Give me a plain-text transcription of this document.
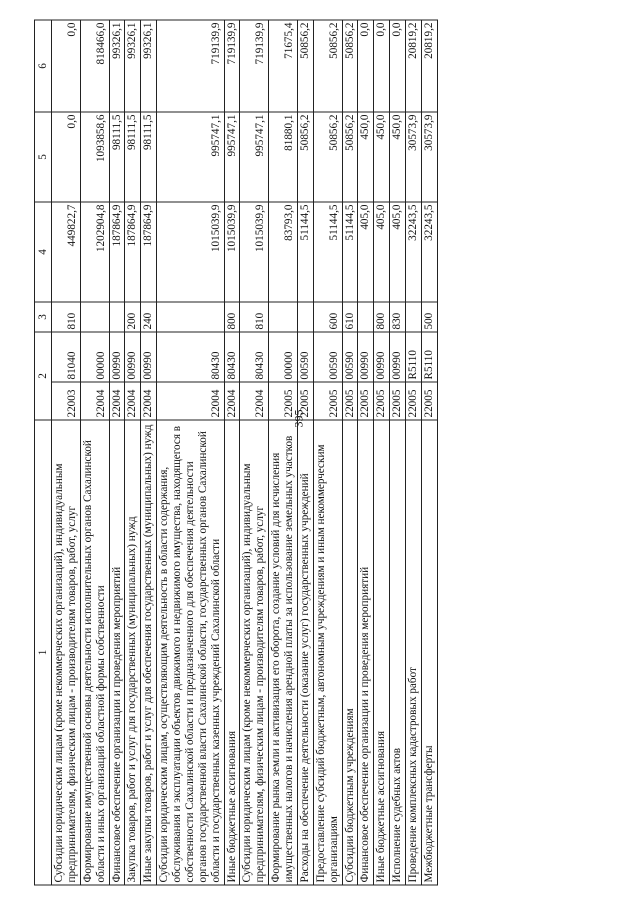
395
1	2		3	4	5	6
Субсидии юридическим лицам (кроме некоммерческих организаций), индивидуальным предпринимателям, физическим лицам - производителям товаров, работ, услуг	22003	81040	810	449822,7	0,0	0,0
Формирование имущественной основы деятельности исполнительных органов Сахалинской области и иных организаций областной формы собственности	22004	00000		1202904,8	1093858,6	818466,0
Финансовое обеспечение организации и проведения мероприятий	22004	00990		187864,9	98111,5	99326,1
Закупка товаров, работ и услуг для государственных (муниципальных) нужд	22004	00990	200	187864,9	98111,5	99326,1
Иные закупки товаров, работ и услуг для обеспечения государственных (муниципальных) нужд	22004	00990	240	187864,9	98111,5	99326,1
Субсидии юридическим лицам, осуществляющим деятельность в области содержания, обслуживания и эксплуатации объектов движимого и недвижимого имущества, находящегося в собственности Сахалинской области и предназначенного для обеспечения деятельности органов государственной власти Сахалинской области, государственных органов Сахалинской области и государственных казенных учреждений Сахалинской области	22004	80430		1015039,9	995747,1	719139,9
Иные бюджетные ассигнования	22004	80430	800	1015039,9	995747,1	719139,9
Субсидии юридическим лицам (кроме некоммерческих организаций), индивидуальным предпринимателям, физическим лицам - производителям товаров, работ, услуг	22004	80430	810	1015039,9	995747,1	719139,9
Формирование рынка земли и активизация его оборота, создание условий для исчисления имущественных налогов и начисления арендной платы за использование земельных участков	22005	00000		83793,0	81880,1	71675,4
Расходы на обеспечение деятельности (оказание услуг) государственных учреждений	22005	00590		51144,5	50856,2	50856,2
Предоставление субсидий бюджетным, автономным учреждениям и иным некоммерческим организациям	22005	00590	600	51144,5	50856,2	50856,2
Субсидии бюджетным учреждениям	22005	00590	610	51144,5	50856,2	50856,2
Финансовое обеспечение организации и проведения мероприятий	22005	00990		405,0	450,0	0,0
Иные бюджетные ассигнования	22005	00990	800	405,0	450,0	0,0
Исполнение судебных актов	22005	00990	830	405,0	450,0	0,0
Проведение комплексных кадастровых работ	22005	R5110		32243,5	30573,9	20819,2
Межбюджетные трансферты	22005	R5110	500	32243,5	30573,9	20819,2
